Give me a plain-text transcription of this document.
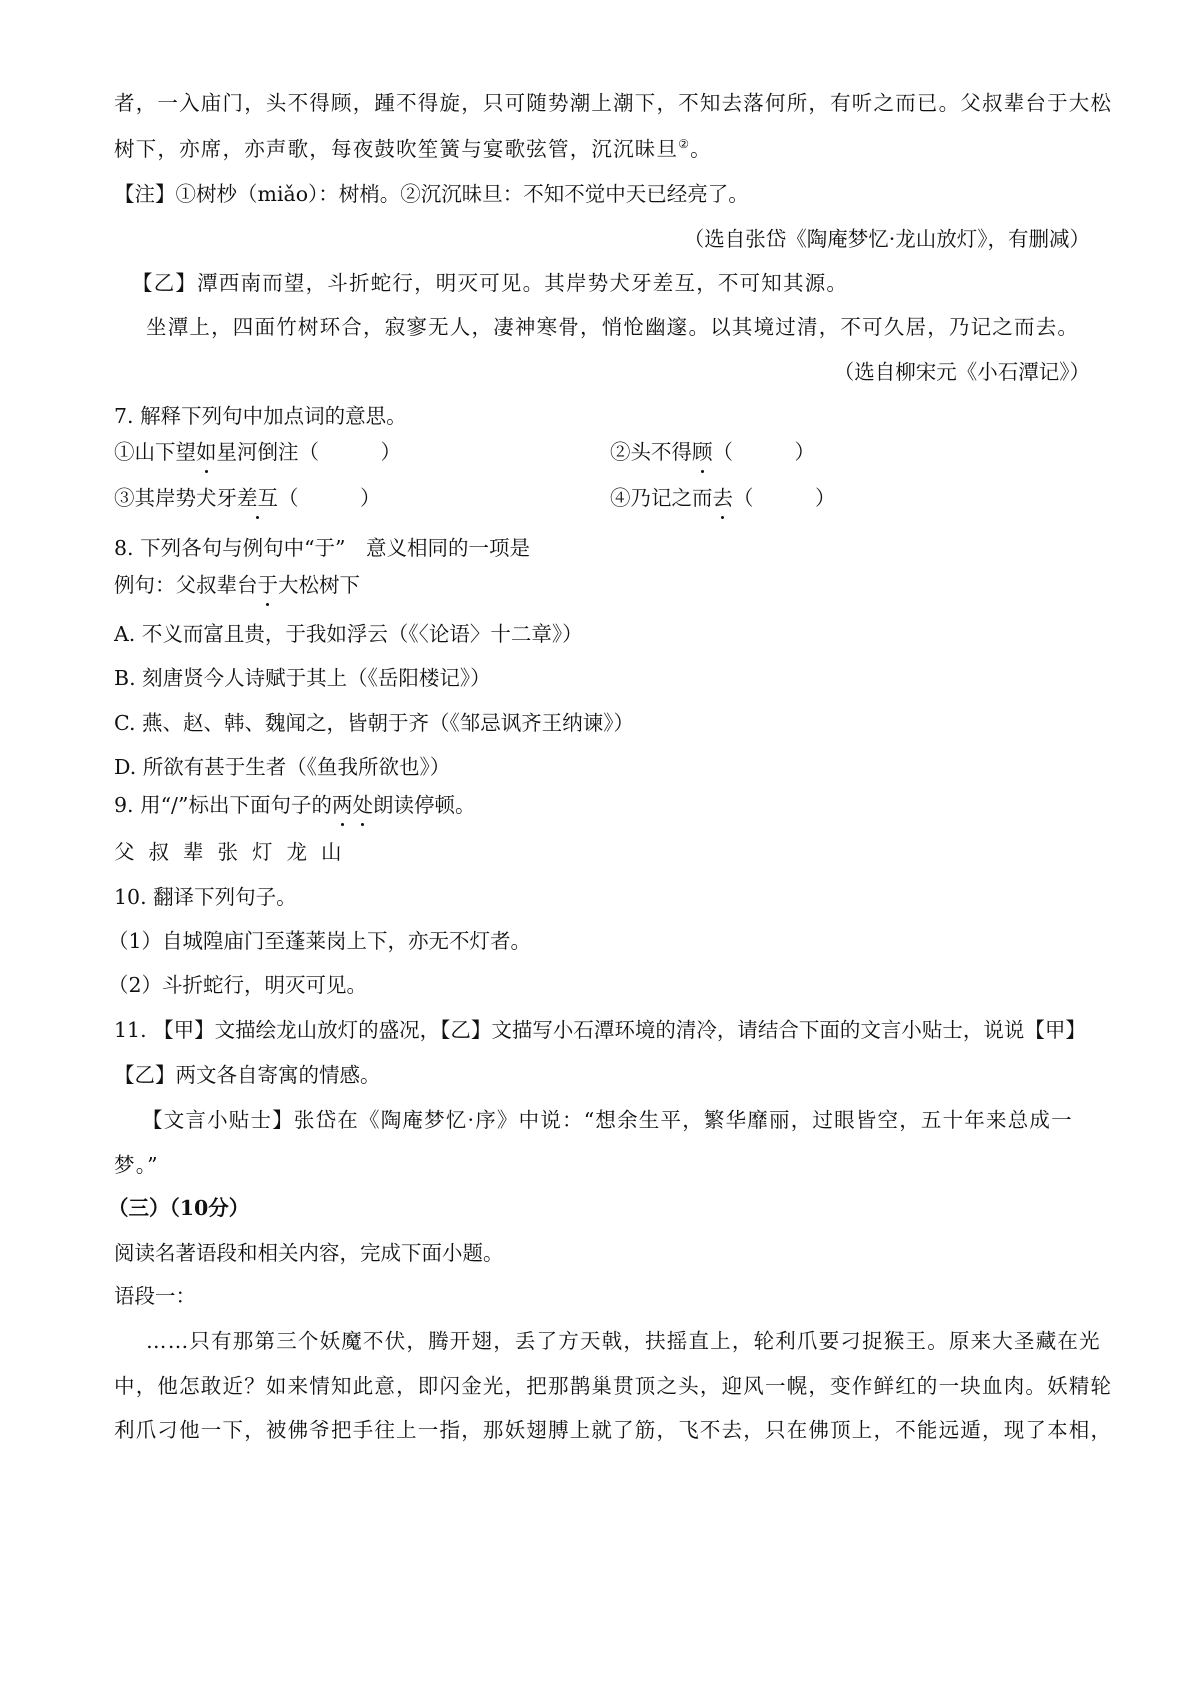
者，一入庙门，头不得顾，踵不得旋，只可随势潮上潮下，不知去落何所，有听之而已。父叔辈台于大松
树下，亦席，亦声歌，每夜鼓吹笙簧与宴歌弦管，沉沉昧旦②。
【注】①树杪（miǎo）：树梢。②沉沉昧旦：不知不觉中天已经亮了。
（选自张岱《陶庵梦忆·龙山放灯》，有删减）
【乙】潭西南而望，斗折蛇行，明灭可见。其岸势犬牙差互，不可知其源。
坐潭上，四面竹树环合，寂寥无人，凄神寒骨，悄怆幽邃。以其境过清，不可久居，乃记之而去。
（选自柳宋元《小石潭记》）
7. 解释下列句中加点词的意思。
①山下望如星河倒注（　　　）	②头不得顾（　　　）
③其岸势犬牙差互（　　　）	④乃记之而去（　　　）
8. 下列各句与例句中“于”　意义相同的一项是
例句：父叔辈台于大松树下
A. 不义而富且贵，于我如浮云（《〈论语〉十二章》）
B. 刻唐贤今人诗赋于其上（《岳阳楼记》）
C. 燕、赵、韩、魏闻之，皆朝于齐（《邹忌讽齐王纳谏》）
D. 所欲有甚于生者（《鱼我所欲也》）
9. 用“/”标出下面句子的两处朗读停顿。
父叔辈张灯龙山
10. 翻译下列句子。
（1）自城隍庙门至蓬莱岗上下，亦无不灯者。
（2）斗折蛇行，明灭可见。
11. 【甲】文描绘龙山放灯的盛况，【乙】文描写小石潭环境的清冷，请结合下面的文言小贴士，说说【甲】
【乙】两文各自寄寓的情感。
【文言小贴士】张岱在《陶庵梦忆·序》中说：“想余生平，繁华靡丽，过眼皆空，五十年来总成一
梦。”
（三）（10分）
阅读名著语段和相关内容，完成下面小题。
语段一：
……只有那第三个妖魔不伏，腾开翅，丢了方天戟，扶摇直上，轮利爪要刁捉猴王。原来大圣藏在光
中，他怎敢近？如来情知此意，即闪金光，把那鹊巢贯顶之头，迎风一幌，变作鲜红的一块血肉。妖精轮
利爪刁他一下，被佛爷把手往上一指，那妖翅膊上就了筋，飞不去，只在佛顶上，不能远遁，现了本相，
